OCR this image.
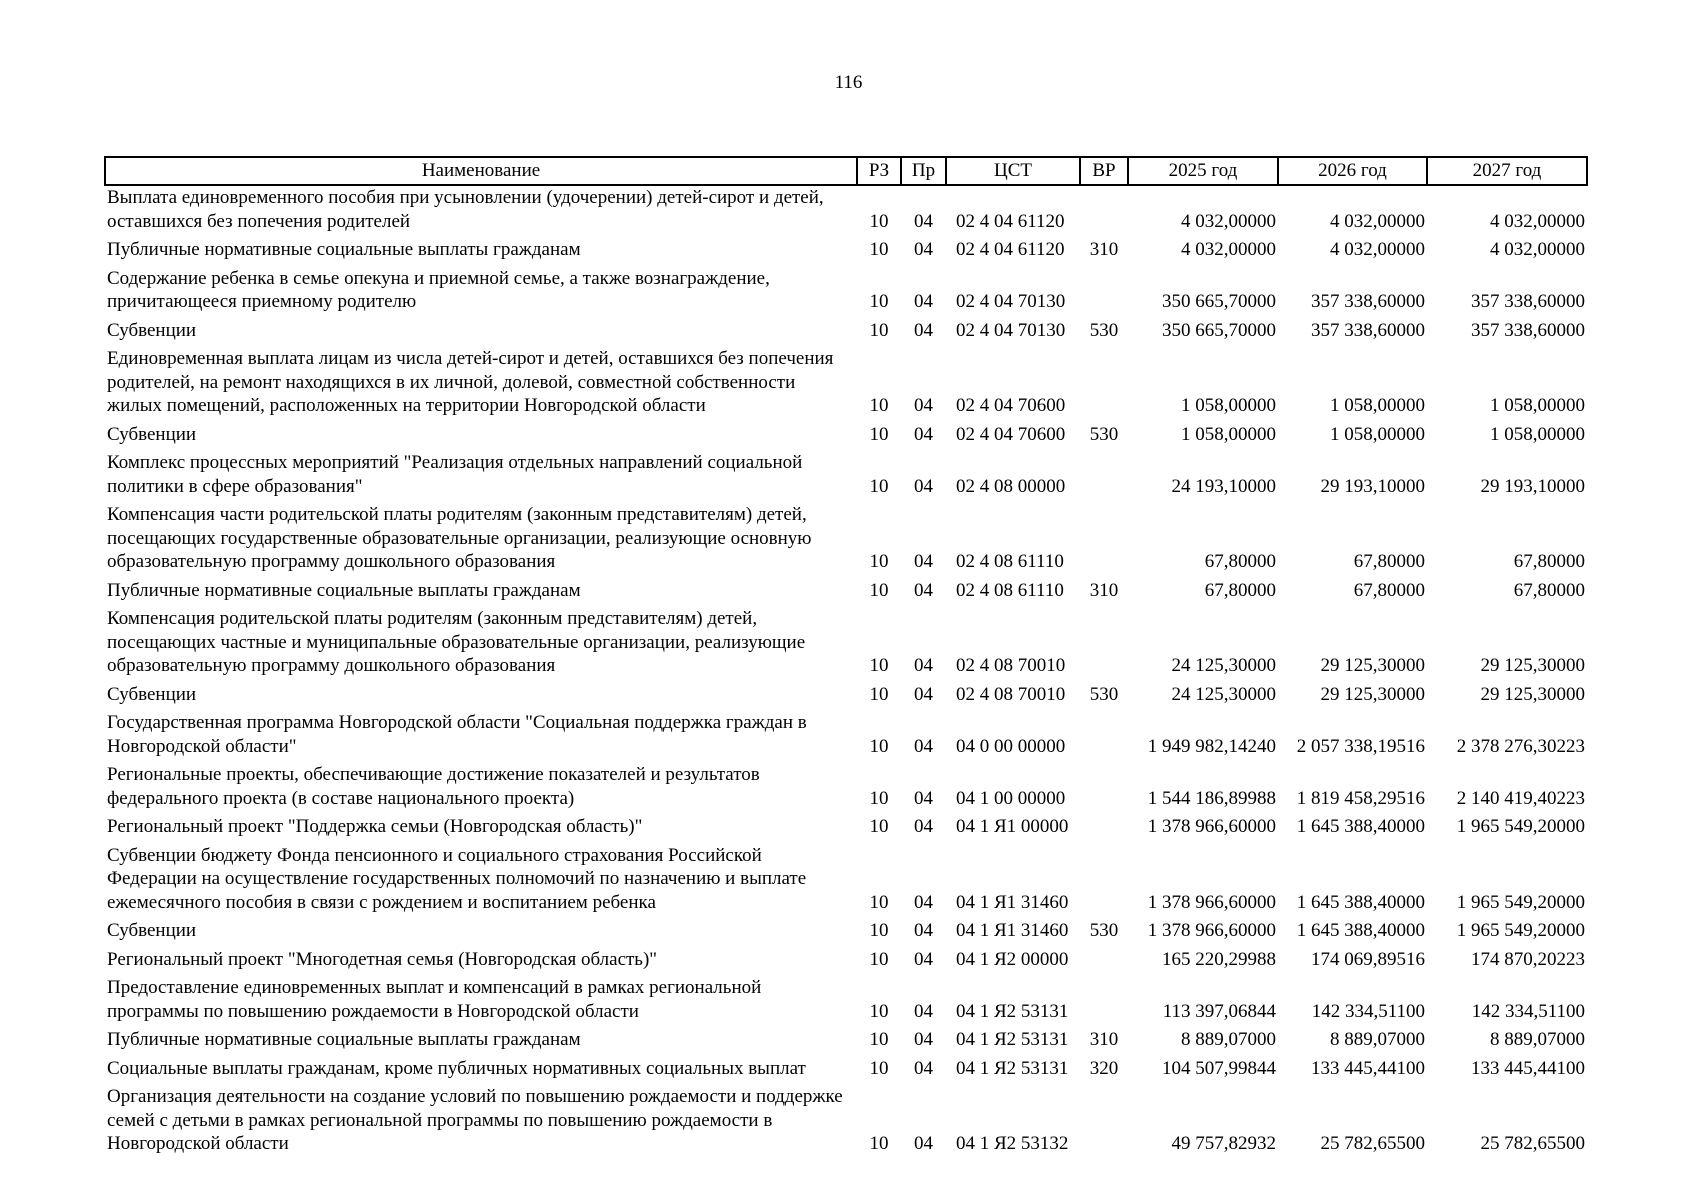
116
Наименование	РЗ	Пр	ЦСТ	ВР	2025 год	2026 год	2027 год
Выплата единовременного пособия при усыновлении (удочерении) детей-сирот и детей, оставшихся без попечения родителей	10	04	02 4 04 61120		4 032,00000	4 032,00000	4 032,00000
Публичные нормативные социальные выплаты гражданам	10	04	02 4 04 61120	310	4 032,00000	4 032,00000	4 032,00000
Содержание ребенка в семье опекуна и приемной семье, а также вознаграждение, причитающееся приемному родителю	10	04	02 4 04 70130		350 665,70000	357 338,60000	357 338,60000
Субвенции	10	04	02 4 04 70130	530	350 665,70000	357 338,60000	357 338,60000
Единовременная выплата лицам из числа детей-сирот и детей, оставшихся без попечения родителей, на ремонт находящихся в их личной, долевой, совместной собственности жилых помещений, расположенных на территории Новгородской области	10	04	02 4 04 70600		1 058,00000	1 058,00000	1 058,00000
Субвенции	10	04	02 4 04 70600	530	1 058,00000	1 058,00000	1 058,00000
Комплекс процессных мероприятий "Реализация отдельных направлений социальной политики в сфере образования"	10	04	02 4 08 00000		24 193,10000	29 193,10000	29 193,10000
Компенсация части родительской платы родителям (законным представителям) детей, посещающих государственные образовательные организации, реализующие основную образовательную программу дошкольного образования	10	04	02 4 08 61110		67,80000	67,80000	67,80000
Публичные нормативные социальные выплаты гражданам	10	04	02 4 08 61110	310	67,80000	67,80000	67,80000
Компенсация родительской платы родителям (законным представителям) детей, посещающих частные и муниципальные образовательные организации, реализующие образовательную программу дошкольного образования	10	04	02 4 08 70010		24 125,30000	29 125,30000	29 125,30000
Субвенции	10	04	02 4 08 70010	530	24 125,30000	29 125,30000	29 125,30000
Государственная программа Новгородской области "Социальная поддержка граждан в Новгородской области"	10	04	04 0 00 00000		1 949 982,14240	2 057 338,19516	2 378 276,30223
Региональные проекты, обеспечивающие достижение показателей и результатов федерального проекта (в составе национального проекта)	10	04	04 1 00 00000		1 544 186,89988	1 819 458,29516	2 140 419,40223
Региональный проект "Поддержка семьи (Новгородская область)"	10	04	04 1 Я1 00000		1 378 966,60000	1 645 388,40000	1 965 549,20000
Субвенции бюджету Фонда пенсионного и социального страхования Российской Федерации на осуществление государственных полномочий по назначению и выплате ежемесячного пособия в связи с рождением и воспитанием ребенка	10	04	04 1 Я1 31460		1 378 966,60000	1 645 388,40000	1 965 549,20000
Субвенции	10	04	04 1 Я1 31460	530	1 378 966,60000	1 645 388,40000	1 965 549,20000
Региональный проект "Многодетная семья (Новгородская область)"	10	04	04 1 Я2 00000		165 220,29988	174 069,89516	174 870,20223
Предоставление единовременных выплат и компенсаций в рамках региональной программы по повышению рождаемости в Новгородской области	10	04	04 1 Я2 53131		113 397,06844	142 334,51100	142 334,51100
Публичные нормативные социальные выплаты гражданам	10	04	04 1 Я2 53131	310	8 889,07000	8 889,07000	8 889,07000
Социальные выплаты гражданам, кроме публичных нормативных социальных выплат	10	04	04 1 Я2 53131	320	104 507,99844	133 445,44100	133 445,44100
Организация деятельности на создание условий по повышению рождаемости и поддержке семей с детьми в рамках региональной программы по повышению рождаемости в Новгородской области	10	04	04 1 Я2 53132		49 757,82932	25 782,65500	25 782,65500
